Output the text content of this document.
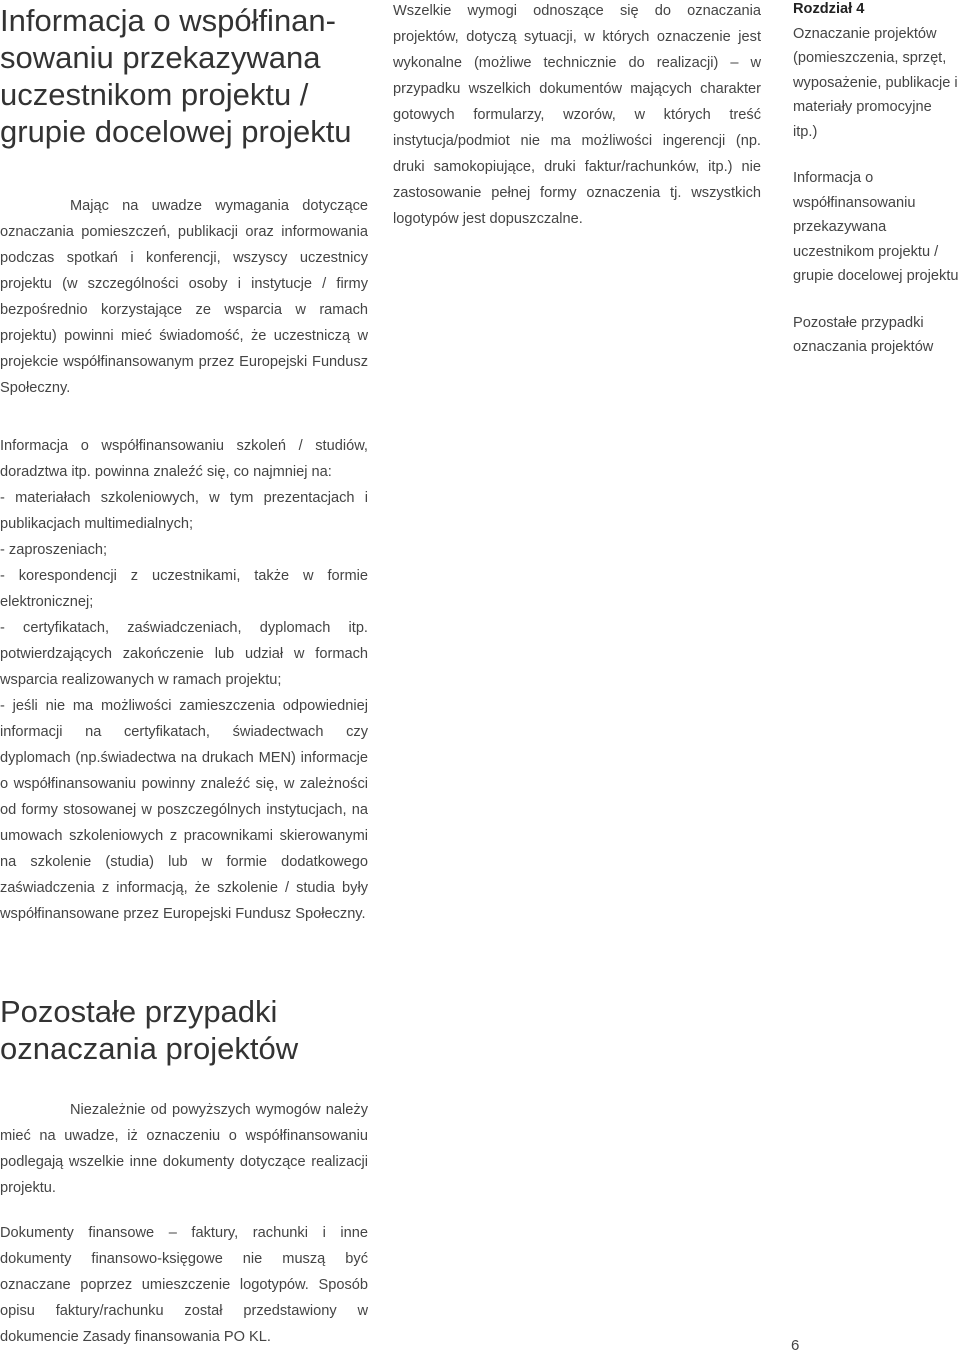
Informacja o współfinan-sowaniu przekazywana uczestnikom projektu / grupie docelowej projektu

Mając na uwadze wymagania dotyczące oznaczania pomieszczeń, publikacji oraz informowania podczas spotkań i konferencji, wszyscy uczestnicy projektu (w szczególności osoby i instytucje / firmy bezpośrednio korzystające ze wsparcia w ramach projektu) powinni mieć świadomość, że uczestniczą w projekcie współfinansowanym przez Europejski Fundusz Społeczny.

Informacja o współfinansowaniu szkoleń / studiów, doradztwa itp. powinna znaleźć się, co najmniej na:

- materiałach szkoleniowych, w tym prezentacjach i publikacjach multimedialnych;

- zaproszeniach;

- korespondencji z uczestnikami, także w formie elektronicznej;

- certyfikatach, zaświadczeniach, dyplomach itp. potwierdzających zakończenie lub udział w formach wsparcia realizowanych w ramach projektu;

- jeśli nie ma możliwości zamieszczenia odpowiedniej informacji na certyfikatach, świadectwach czy dyplomach (np.świadectwa na drukach MEN) informacje o współfinansowaniu powinny znaleźć się, w zależności od formy stosowanej w poszczególnych instytucjach, na umowach szkoleniowych z pracownikami skierowanymi na szkolenie (studia) lub w formie dodatkowego zaświadczenia z informacją, że szkolenie / studia były współfinansowane przez Europejski Fundusz Społeczny.

Pozostałe przypadki
oznaczania projektów

Niezależnie od powyższych wymogów należy mieć na uwadze, iż oznaczeniu o współfinansowaniu podlegają wszelkie inne dokumenty dotyczące realizacji projektu.

Dokumenty finansowe – faktury, rachunki i inne dokumenty finansowo-księgowe nie muszą być oznaczane poprzez umieszczenie logotypów. Sposób opisu faktury/rachunku został przedstawiony w dokumencie Zasady finansowania PO KL.

Wszelkie wymogi odnoszące się do oznaczania projektów, dotyczą sytuacji, w których oznaczenie jest wykonalne (możliwe technicznie do realizacji) – w przypadku wszelkich dokumentów mających charakter gotowych formularzy, wzorów, w których treść instytucja/podmiot nie ma możliwości ingerencji (np. druki samokopiujące, druki faktur/rachunków, itp.) nie zastosowanie pełnej formy oznaczenia tj. wszystkich logotypów jest dopuszczalne.

Rozdział 4
Oznaczanie projektów (pomieszczenia, sprzęt, wyposażenie, publikacje i materiały promocyjne itp.)
Informacja o współfinansowaniu przekazywana uczestnikom projektu / grupie docelowej projektu
Pozostałe przypadki oznaczania projektów
6
